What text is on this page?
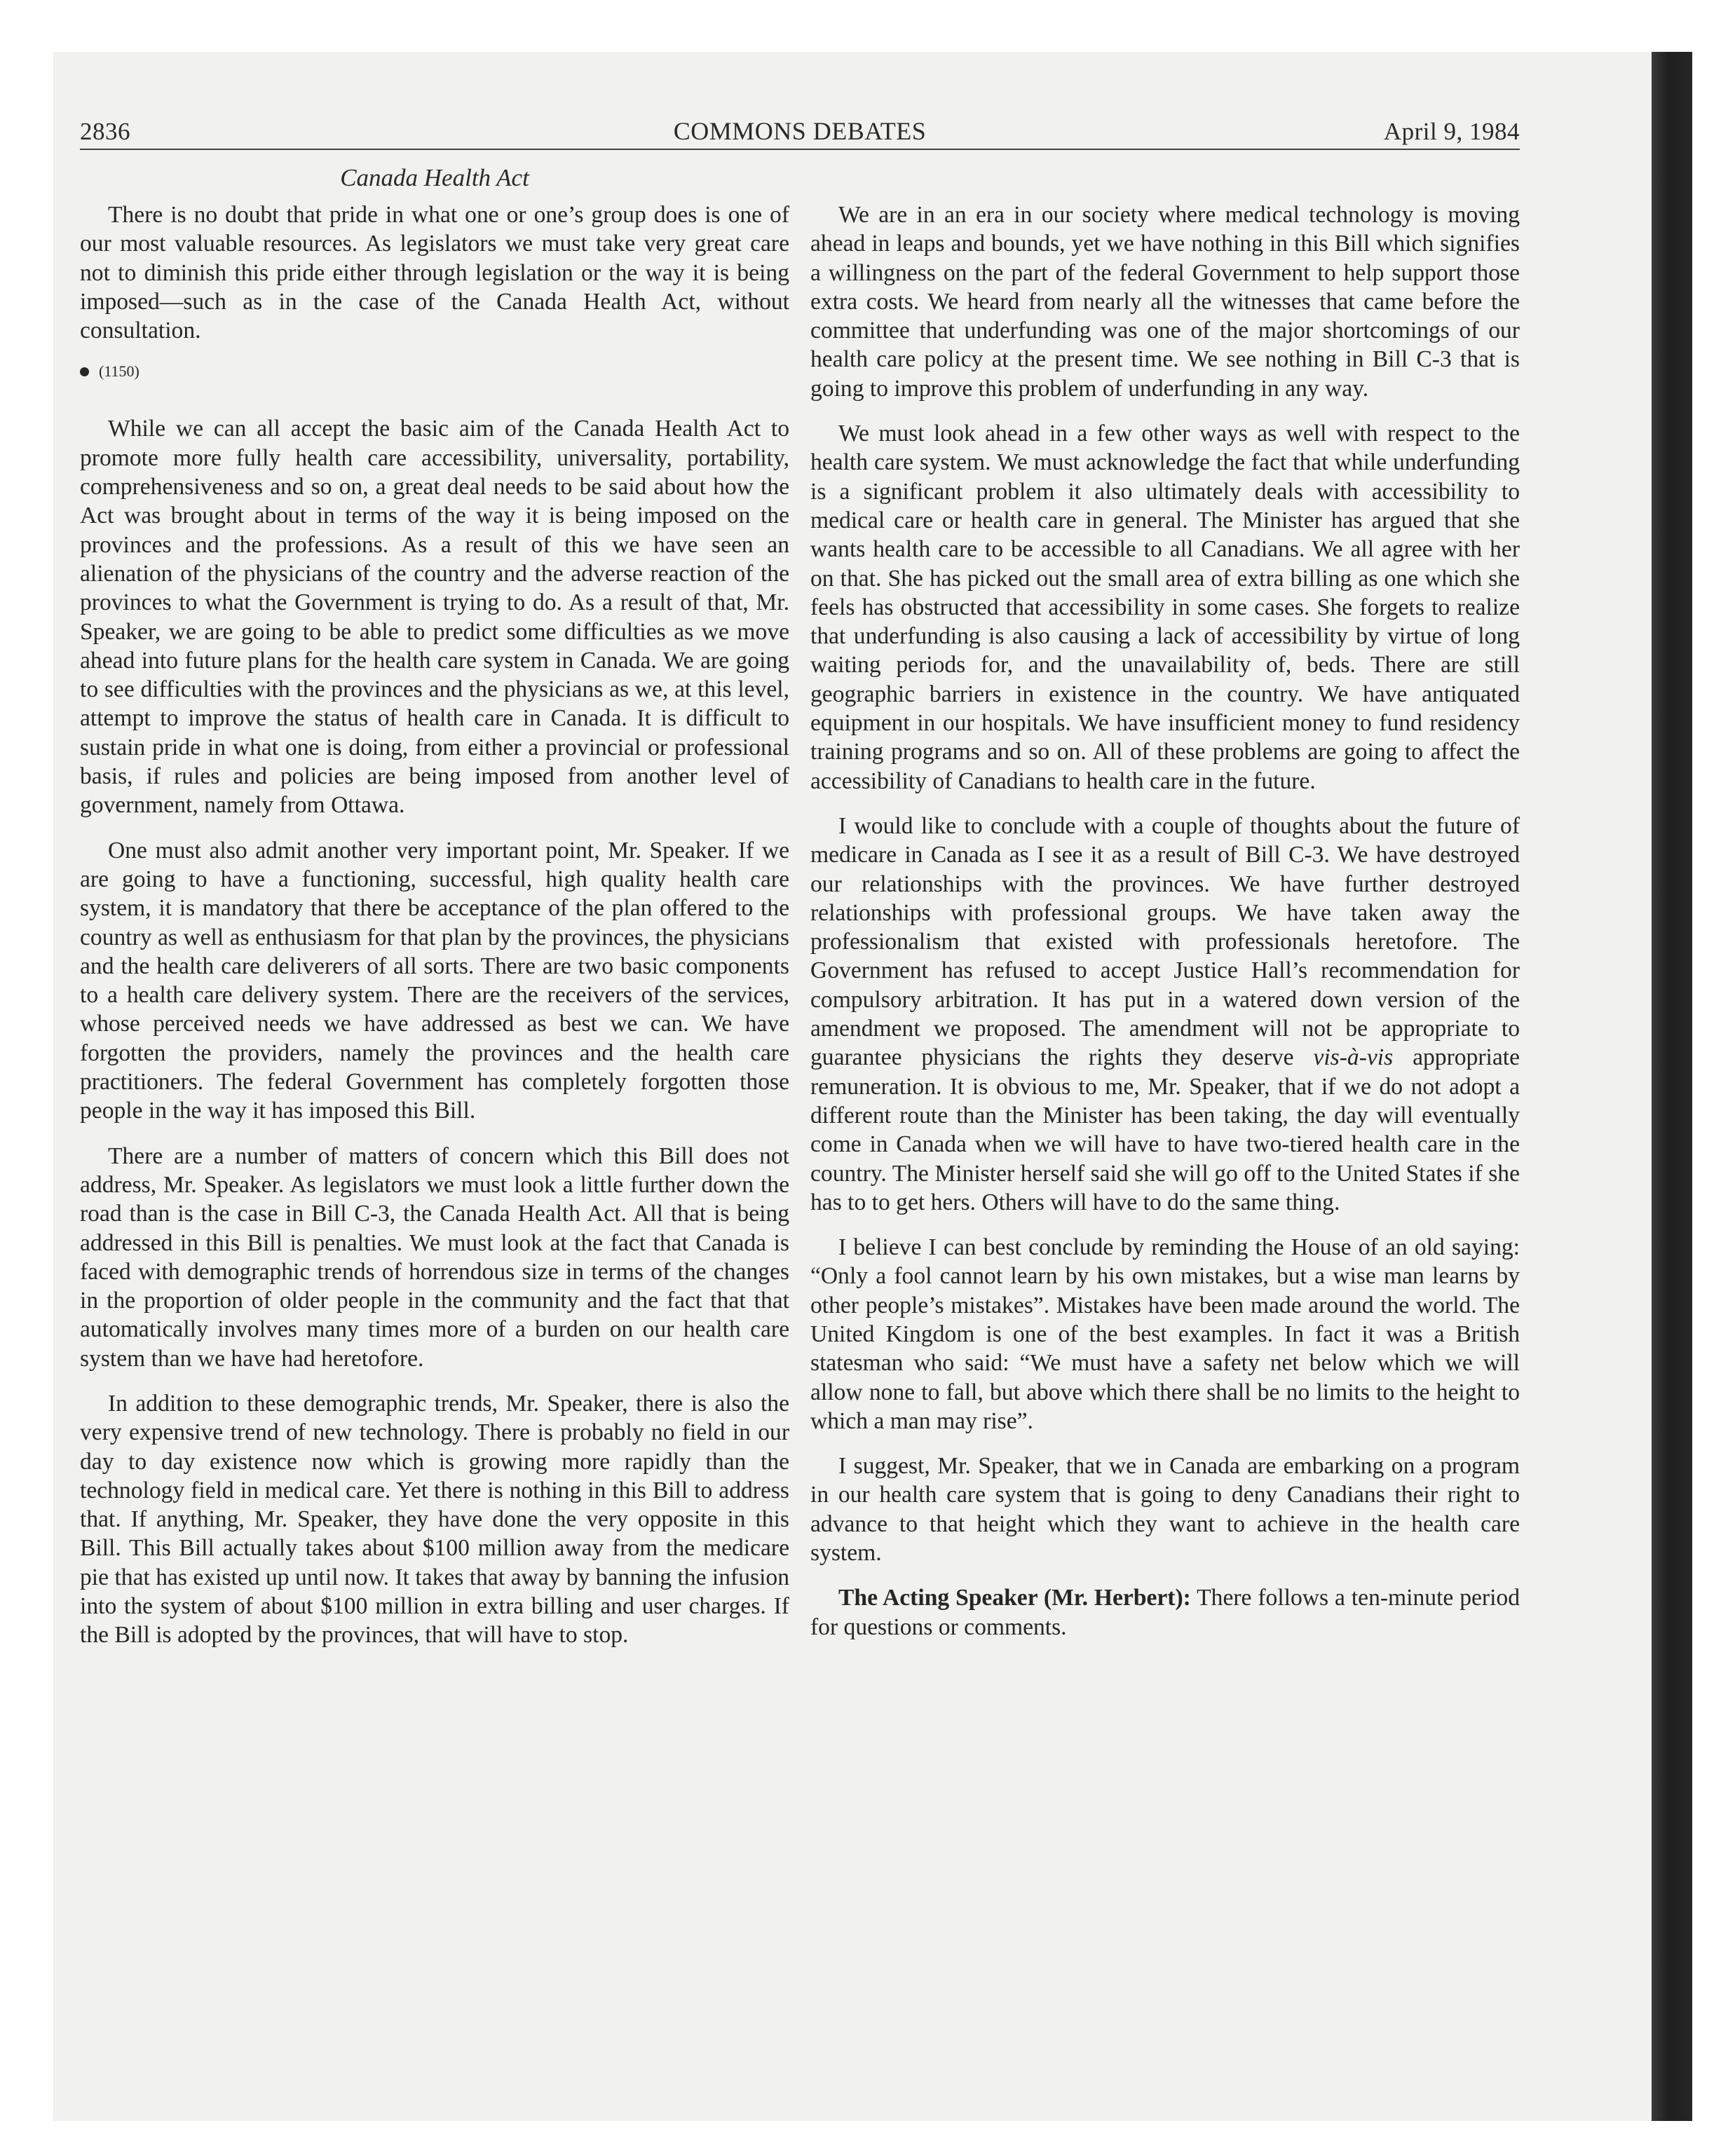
2836	COMMONS DEBATES	April 9, 1984
Canada Health Act

There is no doubt that pride in what one or one’s group does is one of our most valuable resources. As legislators we must take very great care not to diminish this pride either through legislation or the way it is being imposed—such as in the case of the Canada Health Act, without consultation.

(1150)

While we can all accept the basic aim of the Canada Health Act to promote more fully health care accessibility, universality, portability, comprehensiveness and so on, a great deal needs to be said about how the Act was brought about in terms of the way it is being imposed on the provinces and the professions. As a result of this we have seen an alienation of the physicians of the country and the adverse reaction of the provinces to what the Government is trying to do. As a result of that, Mr. Speaker, we are going to be able to predict some difficulties as we move ahead into future plans for the health care system in Canada. We are going to see difficulties with the provinces and the physicians as we, at this level, attempt to improve the status of health care in Canada. It is difficult to sustain pride in what one is doing, from either a provincial or professional basis, if rules and policies are being imposed from another level of government, namely from Ottawa.

One must also admit another very important point, Mr. Speaker. If we are going to have a functioning, successful, high quality health care system, it is mandatory that there be acceptance of the plan offered to the country as well as enthusiasm for that plan by the provinces, the physicians and the health care deliverers of all sorts. There are two basic components to a health care delivery system. There are the receivers of the services, whose perceived needs we have addressed as best we can. We have forgotten the providers, namely the provinces and the health care practitioners. The federal Government has completely forgotten those people in the way it has imposed this Bill.

There are a number of matters of concern which this Bill does not address, Mr. Speaker. As legislators we must look a little further down the road than is the case in Bill C-3, the Canada Health Act. All that is being addressed in this Bill is penalties. We must look at the fact that Canada is faced with demographic trends of horrendous size in terms of the changes in the proportion of older people in the community and the fact that that automatically involves many times more of a burden on our health care system than we have had heretofore.

In addition to these demographic trends, Mr. Speaker, there is also the very expensive trend of new technology. There is probably no field in our day to day existence now which is growing more rapidly than the technology field in medical care. Yet there is nothing in this Bill to address that. If anything, Mr. Speaker, they have done the very opposite in this Bill. This Bill actually takes about $100 million away from the medicare pie that has existed up until now. It takes that away by banning the infusion into the system of about $100 million in extra billing and user charges. If the Bill is adopted by the provinces, that will have to stop.

We are in an era in our society where medical technology is moving ahead in leaps and bounds, yet we have nothing in this Bill which signifies a willingness on the part of the federal Government to help support those extra costs. We heard from nearly all the witnesses that came before the committee that underfunding was one of the major shortcomings of our health care policy at the present time. We see nothing in Bill C-3 that is going to improve this problem of underfunding in any way.

We must look ahead in a few other ways as well with respect to the health care system. We must acknowledge the fact that while underfunding is a significant problem it also ultimately deals with accessibility to medical care or health care in general. The Minister has argued that she wants health care to be accessible to all Canadians. We all agree with her on that. She has picked out the small area of extra billing as one which she feels has obstructed that accessibility in some cases. She forgets to realize that underfunding is also causing a lack of accessibility by virtue of long waiting periods for, and the unavailability of, beds. There are still geographic barriers in existence in the country. We have antiquated equipment in our hospitals. We have insufficient money to fund residency training programs and so on. All of these problems are going to affect the accessibility of Canadians to health care in the future.

I would like to conclude with a couple of thoughts about the future of medicare in Canada as I see it as a result of Bill C-3. We have destroyed our relationships with the provinces. We have further destroyed relationships with professional groups. We have taken away the professionalism that existed with professionals heretofore. The Government has refused to accept Justice Hall’s recommendation for compulsory arbitration. It has put in a watered down version of the amendment we proposed. The amendment will not be appropriate to guarantee physicians the rights they deserve vis-à-vis appropriate remuneration. It is obvious to me, Mr. Speaker, that if we do not adopt a different route than the Minister has been taking, the day will eventually come in Canada when we will have to have two-tiered health care in the country. The Minister herself said she will go off to the United States if she has to to get hers. Others will have to do the same thing.

I believe I can best conclude by reminding the House of an old saying: “Only a fool cannot learn by his own mistakes, but a wise man learns by other people’s mistakes”. Mistakes have been made around the world. The United Kingdom is one of the best examples. In fact it was a British statesman who said: “We must have a safety net below which we will allow none to fall, but above which there shall be no limits to the height to which a man may rise”.

I suggest, Mr. Speaker, that we in Canada are embarking on a program in our health care system that is going to deny Canadians their right to advance to that height which they want to achieve in the health care system.

The Acting Speaker (Mr. Herbert): There follows a ten-minute period for questions or comments.
